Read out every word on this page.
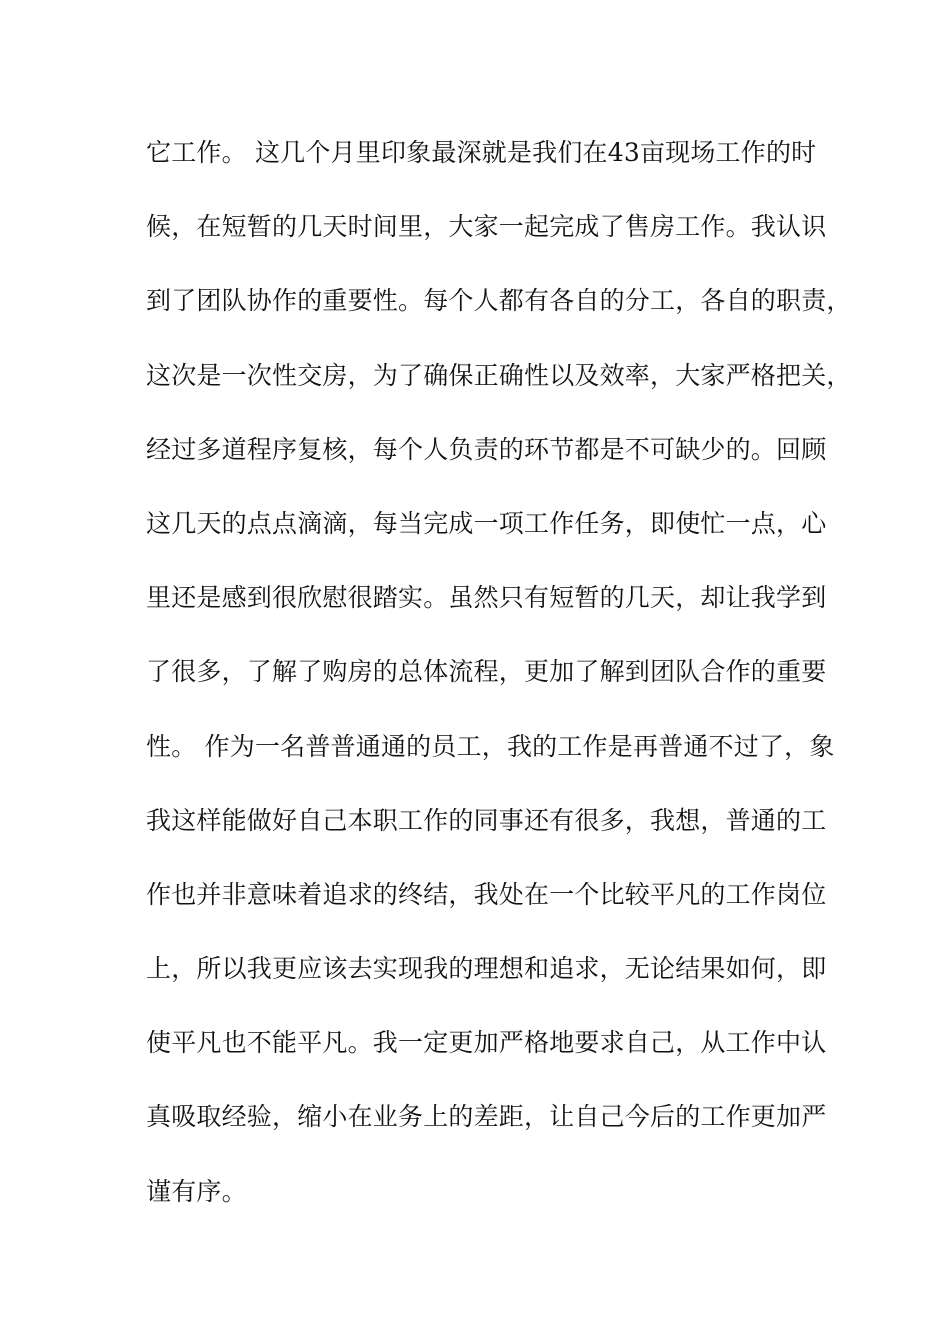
它工作。 这几个月里印象最深就是我们在43亩现场工作的时
候，在短暂的几天时间里，大家一起完成了售房工作。我认识
到了团队协作的重要性。每个人都有各自的分工，各自的职责，
这次是一次性交房，为了确保正确性以及效率，大家严格把关，
经过多道程序复核，每个人负责的环节都是不可缺少的。回顾
这几天的点点滴滴，每当完成一项工作任务，即使忙一点，心
里还是感到很欣慰很踏实。虽然只有短暂的几天，却让我学到
了很多，了解了购房的总体流程，更加了解到团队合作的重要
性。 作为一名普普通通的员工，我的工作是再普通不过了，象
我这样能做好自己本职工作的同事还有很多，我想，普通的工
作也并非意味着追求的终结，我处在一个比较平凡的工作岗位
上，所以我更应该去实现我的理想和追求，无论结果如何，即
使平凡也不能平凡。我一定更加严格地要求自己，从工作中认
真吸取经验，缩小在业务上的差距，让自己今后的工作更加严
谨有序。
